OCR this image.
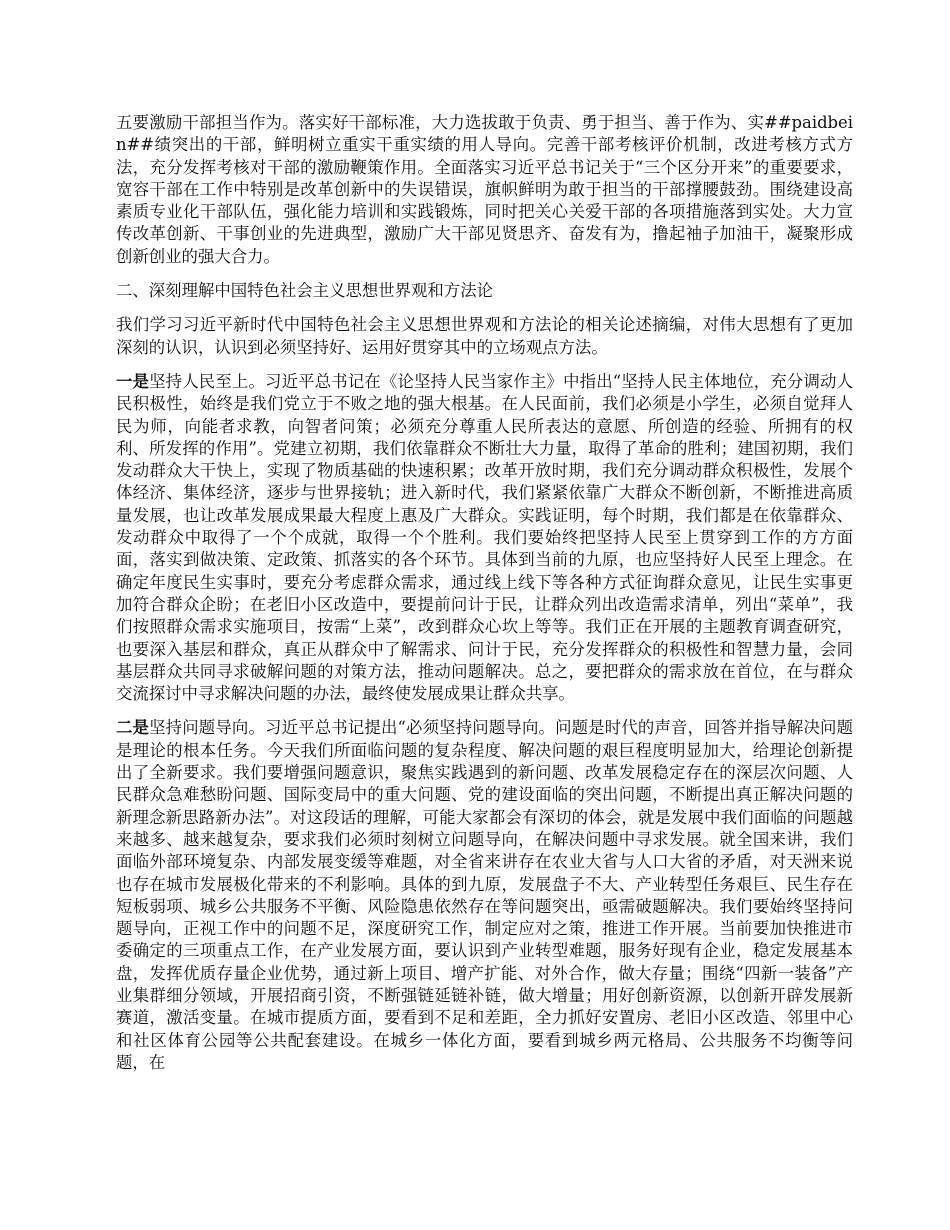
五要激励干部担当作为。落实好干部标准，大力选拔敢于负责、勇于担当、善于作为、实##paidbein##绩突出的干部，鲜明树立重实干重实绩的用人导向。完善干部考核评价机制，改进考核方式方法，充分发挥考核对干部的激励鞭策作用。全面落实习近平总书记关于“三个区分开来”的重要要求，宽容干部在工作中特别是改革创新中的失误错误，旗帜鲜明为敢于担当的干部撑腰鼓劲。围绕建设高素质专业化干部队伍，强化能力培训和实践锻炼，同时把关心关爱干部的各项措施落到实处。大力宣传改革创新、干事创业的先进典型，激励广大干部见贤思齐、奋发有为，撸起袖子加油干，凝聚形成创新创业的强大合力。

二、深刻理解中国特色社会主义思想世界观和方法论

我们学习习近平新时代中国特色社会主义思想世界观和方法论的相关论述摘编，对伟大思想有了更加深刻的认识，认识到必须坚持好、运用好贯穿其中的立场观点方法。

一是坚持人民至上。习近平总书记在《论坚持人民当家作主》中指出“坚持人民主体地位，充分调动人民积极性，始终是我们党立于不败之地的强大根基。在人民面前，我们必须是小学生，必须自觉拜人民为师，向能者求教，向智者问策；必须充分尊重人民所表达的意愿、所创造的经验、所拥有的权利、所发挥的作用”。党建立初期，我们依靠群众不断壮大力量，取得了革命的胜利；建国初期，我们发动群众大干快上，实现了物质基础的快速积累；改革开放时期，我们充分调动群众积极性，发展个体经济、集体经济，逐步与世界接轨；进入新时代，我们紧紧依靠广大群众不断创新，不断推进高质量发展，也让改革发展成果最大程度上惠及广大群众。实践证明，每个时期，我们都是在依靠群众、发动群众中取得了一个个成就，取得一个个胜利。我们要始终把坚持人民至上贯穿到工作的方方面面，落实到做决策、定政策、抓落实的各个环节。具体到当前的九原，也应坚持好人民至上理念。在确定年度民生实事时，要充分考虑群众需求，通过线上线下等各种方式征询群众意见，让民生实事更加符合群众企盼；在老旧小区改造中，要提前问计于民，让群众列出改造需求清单，列出“菜单”，我们按照群众需求实施项目，按需“上菜”，改到群众心坎上等等。我们正在开展的主题教育调查研究，也要深入基层和群众，真正从群众中了解需求、问计于民，充分发挥群众的积极性和智慧力量，会同基层群众共同寻求破解问题的对策方法，推动问题解决。总之，要把群众的需求放在首位，在与群众交流探讨中寻求解决问题的办法，最终使发展成果让群众共享。

二是坚持问题导向。习近平总书记提出“必须坚持问题导向。问题是时代的声音，回答并指导解决问题是理论的根本任务。今天我们所面临问题的复杂程度、解决问题的艰巨程度明显加大，给理论创新提出了全新要求。我们要增强问题意识，聚焦实践遇到的新问题、改革发展稳定存在的深层次问题、人民群众急难愁盼问题、国际变局中的重大问题、党的建设面临的突出问题，不断提出真正解决问题的新理念新思路新办法”。对这段话的理解，可能大家都会有深切的体会，就是发展中我们面临的问题越来越多、越来越复杂，要求我们必须时刻树立问题导向，在解决问题中寻求发展。就全国来讲，我们面临外部环境复杂、内部发展变缓等难题，对全省来讲存在农业大省与人口大省的矛盾，对天洲来说也存在城市发展极化带来的不利影响。具体的到九原，发展盘子不大、产业转型任务艰巨、民生存在短板弱项、城乡公共服务不平衡、风险隐患依然存在等问题突出，亟需破题解决。我们要始终坚持问题导向，正视工作中的问题不足，深度研究工作，制定应对之策，推进工作开展。当前要加快推进市委确定的三项重点工作，在产业发展方面，要认识到产业转型难题，服务好现有企业，稳定发展基本盘，发挥优质存量企业优势，通过新上项目、增产扩能、对外合作，做大存量；围绕“四新一装备”产业集群细分领域，开展招商引资，不断强链延链补链，做大增量；用好创新资源，以创新开辟发展新赛道，激活变量。在城市提质方面，要看到不足和差距，全力抓好安置房、老旧小区改造、邻里中心和社区体育公园等公共配套建设。在城乡一体化方面，要看到城乡两元格局、公共服务不均衡等问题，在
